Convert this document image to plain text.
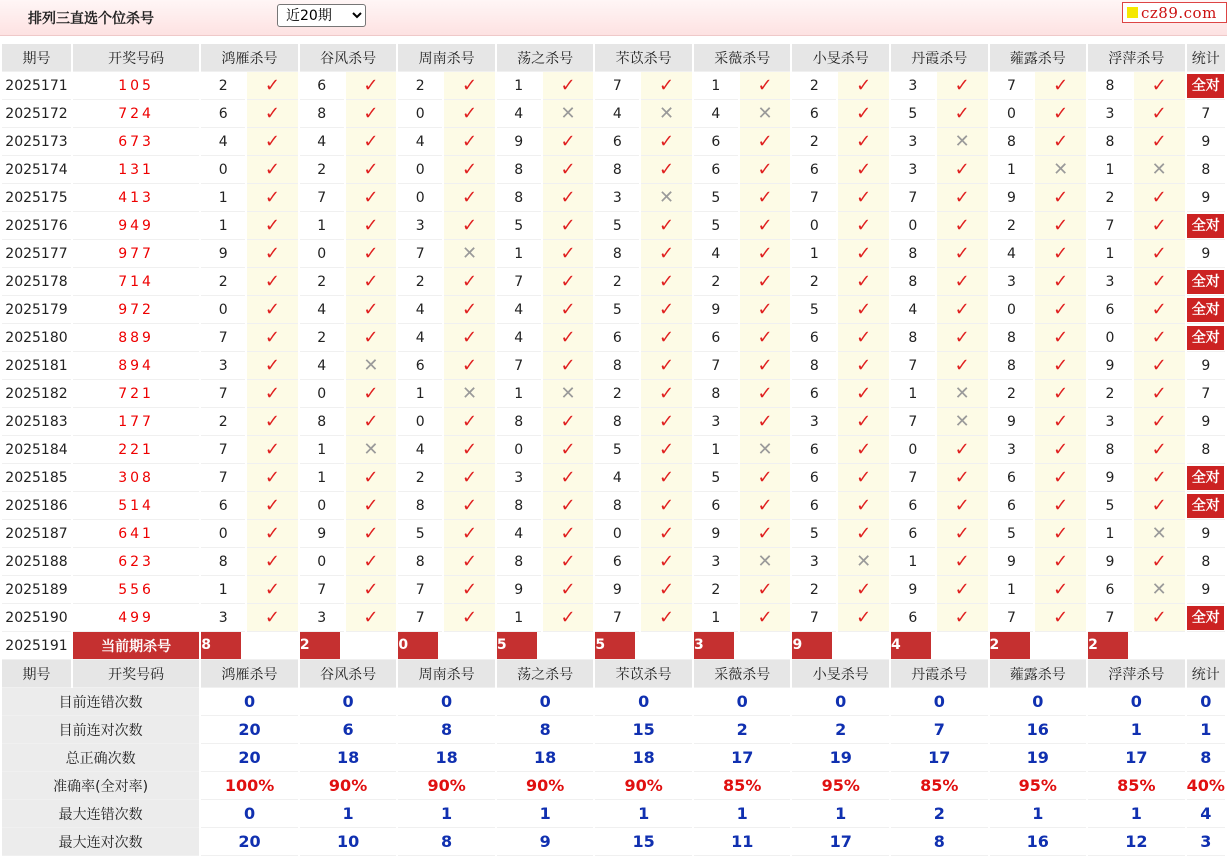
排列三直选个位杀号
近20期	cz89.com
期号	开奖号码	鸿雁杀号		谷风杀号		周南杀号		荡之杀号		芣苡杀号		采薇杀号		小旻杀号		丹霞杀号		蕹露杀号		浮萍杀号		统计
2025171	105	2	✓	6	✓	2	✓	1	✓	7	✓	1	✓	2	✓	3	✓	7	✓	8	✓	全对
2025172	724	6	✓	8	✓	0	✓	4	✕	4	✕	4	✕	6	✓	5	✓	0	✓	3	✓	7
2025173	673	4	✓	4	✓	4	✓	9	✓	6	✓	6	✓	2	✓	3	✕	8	✓	8	✓	9
2025174	131	0	✓	2	✓	0	✓	8	✓	8	✓	6	✓	6	✓	3	✓	1	✕	1	✕	8
2025175	413	1	✓	7	✓	0	✓	8	✓	3	✕	5	✓	7	✓	7	✓	9	✓	2	✓	9
2025176	949	1	✓	1	✓	3	✓	5	✓	5	✓	5	✓	0	✓	0	✓	2	✓	7	✓	全对
2025177	977	9	✓	0	✓	7	✕	1	✓	8	✓	4	✓	1	✓	8	✓	4	✓	1	✓	9
2025178	714	2	✓	2	✓	2	✓	7	✓	2	✓	2	✓	2	✓	8	✓	3	✓	3	✓	全对
2025179	972	0	✓	4	✓	4	✓	4	✓	5	✓	9	✓	5	✓	4	✓	0	✓	6	✓	全对
2025180	889	7	✓	2	✓	4	✓	4	✓	6	✓	6	✓	6	✓	8	✓	8	✓	0	✓	全对
2025181	894	3	✓	4	✕	6	✓	7	✓	8	✓	7	✓	8	✓	7	✓	8	✓	9	✓	9
2025182	721	7	✓	0	✓	1	✕	1	✕	2	✓	8	✓	6	✓	1	✕	2	✓	2	✓	7
2025183	177	2	✓	8	✓	0	✓	8	✓	8	✓	3	✓	3	✓	7	✕	9	✓	3	✓	9
2025184	221	7	✓	1	✕	4	✓	0	✓	5	✓	1	✕	6	✓	0	✓	3	✓	8	✓	8
2025185	308	7	✓	1	✓	2	✓	3	✓	4	✓	5	✓	6	✓	7	✓	6	✓	9	✓	全对
2025186	514	6	✓	0	✓	8	✓	8	✓	8	✓	6	✓	6	✓	6	✓	6	✓	5	✓	全对
2025187	641	0	✓	9	✓	5	✓	4	✓	0	✓	9	✓	5	✓	6	✓	5	✓	1	✕	9
2025188	623	8	✓	0	✓	8	✓	8	✓	6	✓	3	✕	3	✕	1	✓	9	✓	9	✓	8
2025189	556	1	✓	7	✓	7	✓	9	✓	9	✓	2	✓	2	✓	9	✓	1	✓	6	✕	9
2025190	499	3	✓	3	✓	7	✓	1	✓	7	✓	1	✓	7	✓	6	✓	7	✓	7	✓	全对
2025191	当前期杀号	8		2		0		5		5		3		9		4		2		2		
期号	开奖号码	鸿雁杀号		谷风杀号		周南杀号		荡之杀号		芣苡杀号		采薇杀号		小旻杀号		丹霞杀号		蕹露杀号		浮萍杀号		统计
目前连错次数		0		0		0		0		0		0		0		0		0		0		0
目前连对次数		20		6		8		8		15		2		2		7		16		1		1
总正确次数		20		18		18		18		18		17		19		17		19		17		8
准确率(全对率)		100%		90%		90%		90%		90%		85%		95%		85%		95%		85%		40%
最大连错次数		0		1		1		1		1		1		1		2		1		1		4
最大连对次数		20		10		8		9		15		11		17		8		16		12		3
